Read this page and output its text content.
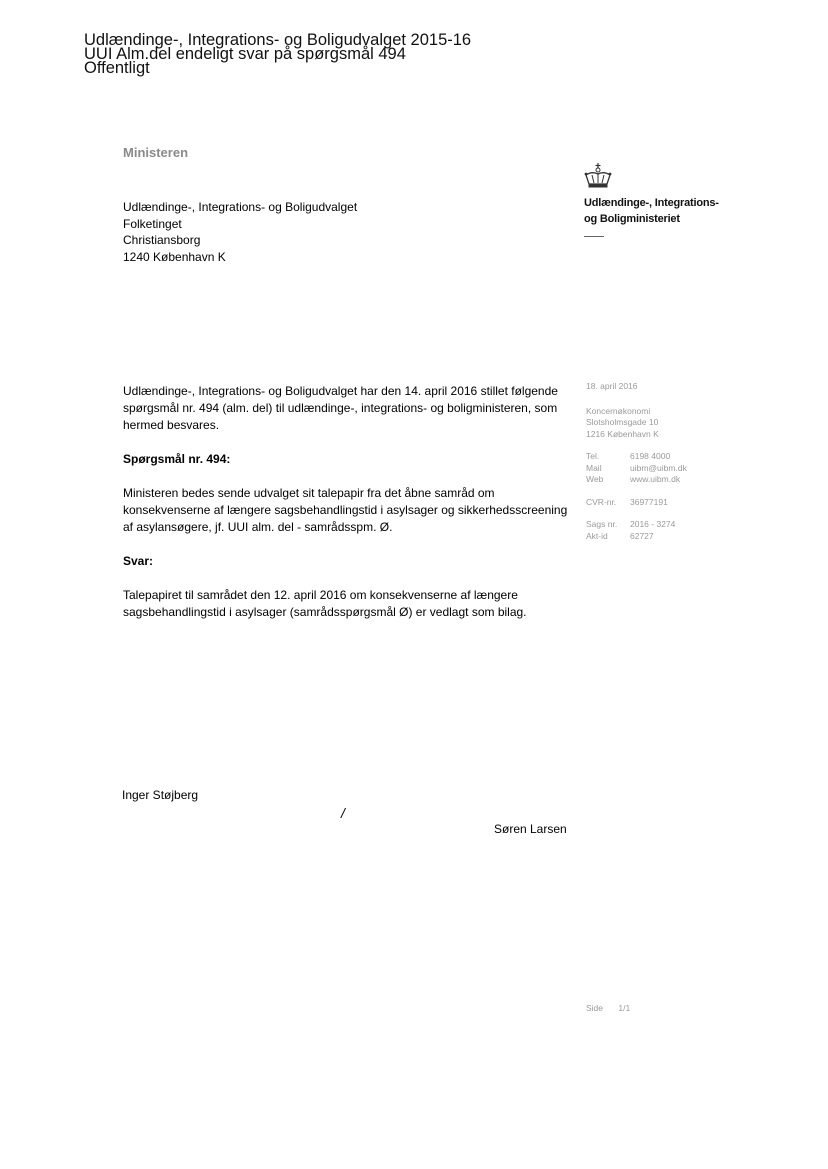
Udlændinge-, Integrations- og Boligudvalget 2015-16
UUI Alm.del endeligt svar på spørgsmål 494
Offentligt
Ministeren
Udlændinge-, Integrations- og Boligudvalget
Folketinget
Christiansborg
1240 København K
Udlændinge-, Integrations-
og Boligministeriet
18. april 2016
Koncernøkonomi
Slotsholmsgade 10
1216 København K
Tel.	6198 4000
Mail	uibm@uibm.dk
Web	www.uibm.dk
CVR-nr.	36977191
Sags nr.	2016 - 3274
Akt-id	62727

Udlændinge-, Integrations- og Boligudvalget har den 14. april 2016 stillet følgende spørgsmål nr. 494 (alm. del) til udlændinge-, integrations- og boligministeren, som hermed besvares.

Spørgsmål nr. 494:

Ministeren bedes sende udvalget sit talepapir fra det åbne samråd om konsekvenserne af længere sagsbehandlingstid i asylsager og sikkerhedsscreening af asylansøgere, jf. UUI alm. del - samrådsspm. Ø.

Svar:

Talepapiret til samrådet den 12. april 2016 om konsekvenserne af længere sagsbehandlingstid i asylsager (samrådsspørgsmål Ø) er vedlagt som bilag.

Inger Støjberg
/
Søren Larsen
Side 1/1
